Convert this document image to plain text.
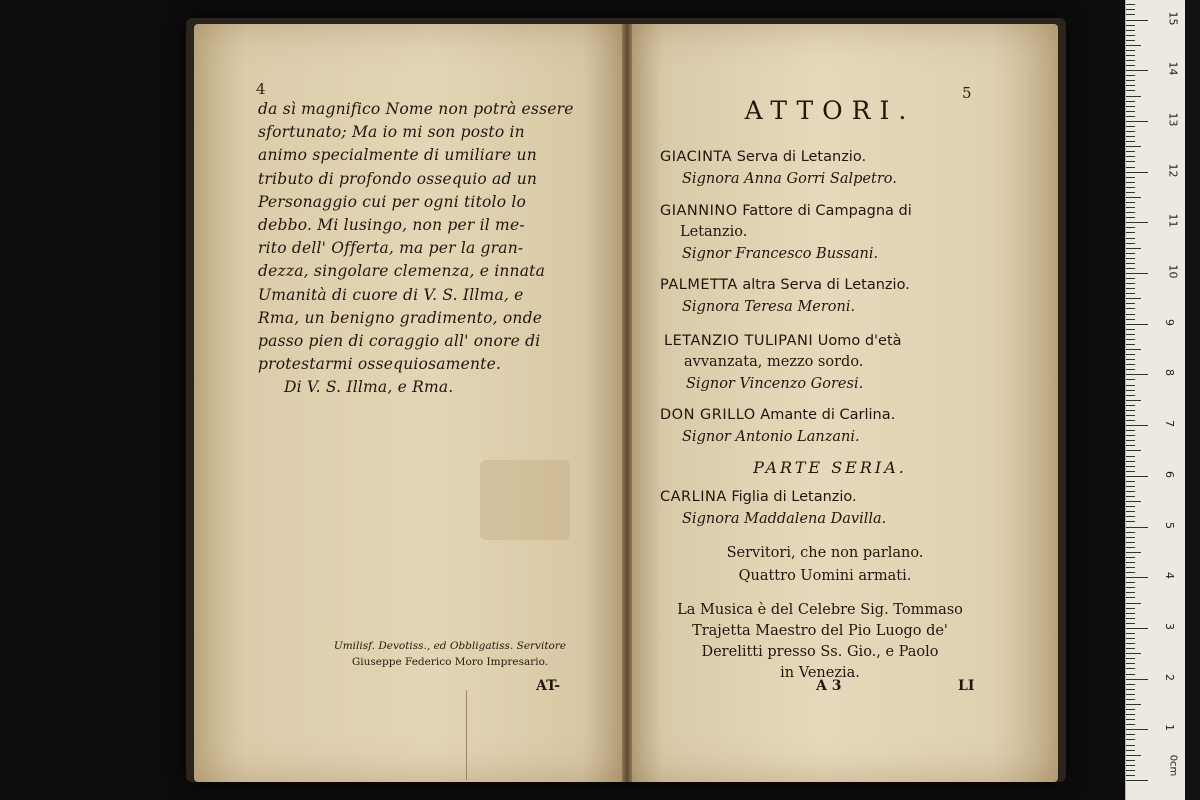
4
da sì magnifico Nome non potrà essere
sfortunato; Ma io mi son posto in
animo specialmente di umiliare un
tributo di profondo ossequio ad un
Personaggio cui per ogni titolo lo
debbo. Mi lusingo, non per il me-
rito dell' Offerta, ma per la gran-
dezza, singolare clemenza, e innata
Umanità di cuore di V. S. Illma, e
Rma, un benigno gradimento, onde
passo pien di coraggio all' onore di
protestarmi ossequiosamente.
Di V. S. Illma, e Rma.
Umilisf. Devotiss., ed Obbligatiss. Servitore
Giuseppe Federico Moro Impresario.
AT-
5
ATTORI.
GIACINTA Serva di Letanzio.
Signora Anna Gorri Salpetro.
GIANNINO Fattore di Campagna di
Letanzio.
Signor Francesco Bussani.
PALMETTA altra Serva di Letanzio.
Signora Teresa Meroni.
LETANZIO TULIPANI Uomo d'età
avvanzata, mezzo sordo.
Signor Vincenzo Goresi.
DON GRILLO Amante di Carlina.
Signor Antonio Lanzani.
PARTE SERIA.
CARLINA Figlia di Letanzio.
Signora Maddalena Davilla.
Servitori, che non parlano.
Quattro Uomini armati.
La Musica è del Celebre Sig. Tommaso
Trajetta Maestro del Pio Luogo de'
Derelitti presso Ss. Gio., e Paolo
in Venezia.
A 3	LI
0cm
1
2
3
4
5
6
7
8
9
10
11
12
13
14
15
